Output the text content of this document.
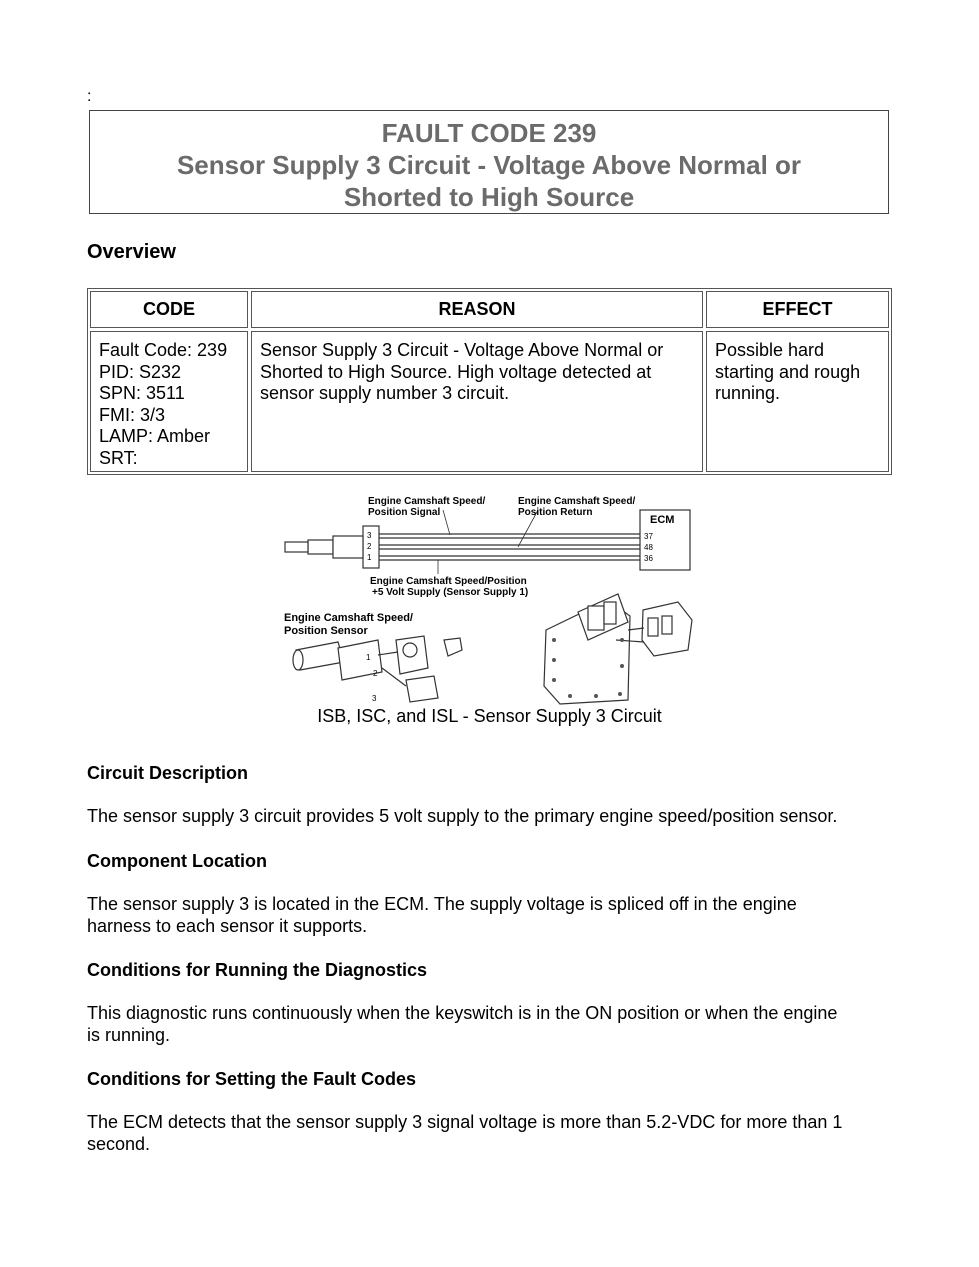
:
FAULT CODE 239
Sensor Supply 3 Circuit - Voltage Above Normal or
Shorted to High Source
Overview
CODE	REASON	EFFECT
Fault Code: 239
PID: S232
SPN: 3511
FMI: 3/3
LAMP: Amber
SRT:
Sensor Supply 3 Circuit - Voltage Above Normal or
Shorted to High Source. High voltage detected at
sensor supply number 3 circuit.
Possible hard
starting and rough
running.
ECM
37
48
36
3
2
1
Engine Camshaft Speed/
Position Signal
Engine Camshaft Speed/
Position Return
Engine Camshaft Speed/Position
+5 Volt Supply (Sensor Supply 1)
Engine Camshaft Speed/
Position Sensor
1
2
3
ISB, ISC, and ISL - Sensor Supply 3 Circuit
Circuit Description
The sensor supply 3 circuit provides 5 volt supply to the primary engine speed/position sensor.
Component Location
The sensor supply 3 is located in the ECM. The supply voltage is spliced off in the engine
harness to each sensor it supports.
Conditions for Running the Diagnostics
This diagnostic runs continuously when the keyswitch is in the ON position or when the engine
is running.
Conditions for Setting the Fault Codes
The ECM detects that the sensor supply 3 signal voltage is more than 5.2-VDC for more than 1
second.
